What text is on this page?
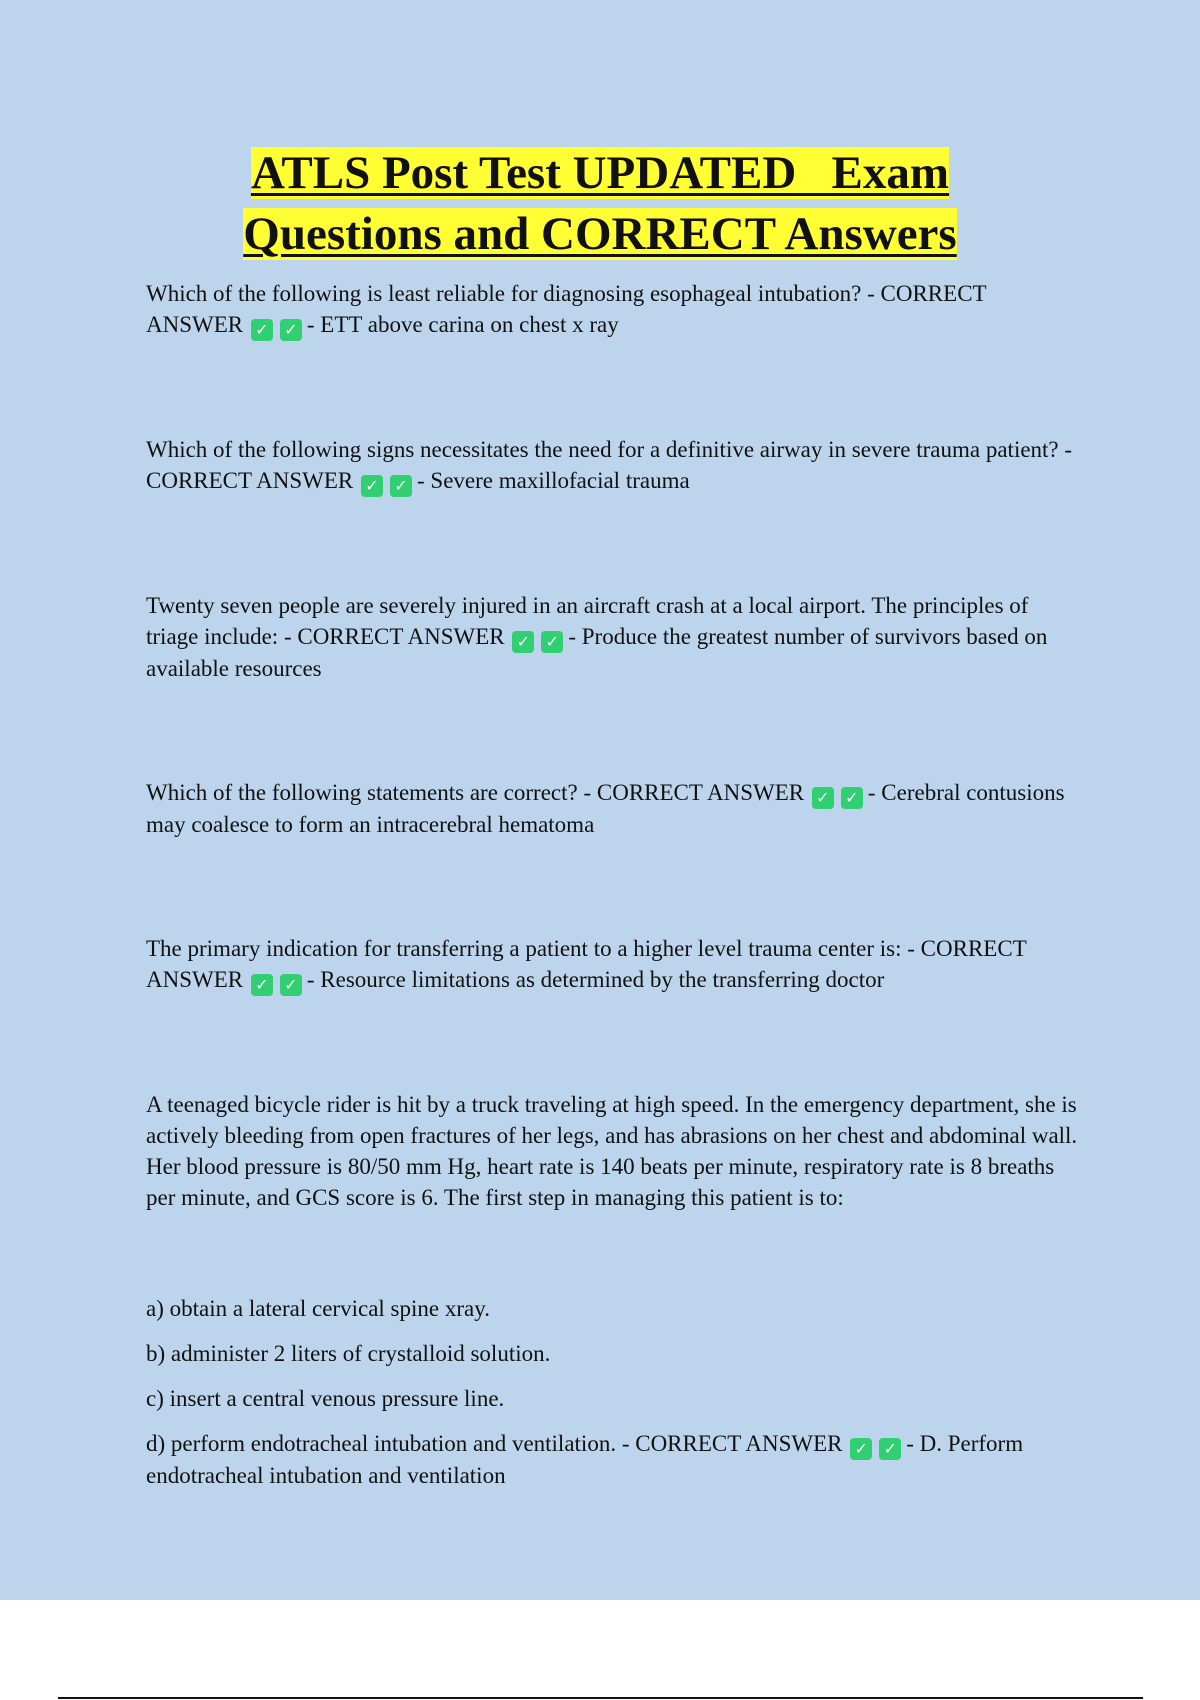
ATLS Post Test UPDATED   Exam
Questions and CORRECT Answers

Which of the following is least reliable for diagnosing esophageal intubation? - CORRECT ANSWER ✓ ✓ - ETT above carina on chest x ray

Which of the following signs necessitates the need for a definitive airway in severe trauma patient? - CORRECT ANSWER ✓ ✓ - Severe maxillofacial trauma

Twenty seven people are severely injured in an aircraft crash at a local airport. The principles of triage include: - CORRECT ANSWER ✓ ✓ - Produce the greatest number of survivors based on available resources

Which of the following statements are correct? - CORRECT ANSWER ✓ ✓ - Cerebral contusions may coalesce to form an intracerebral hematoma

The primary indication for transferring a patient to a higher level trauma center is: - CORRECT ANSWER ✓ ✓ - Resource limitations as determined by the transferring doctor

A teenaged bicycle rider is hit by a truck traveling at high speed. In the emergency department, she is actively bleeding from open fractures of her legs, and has abrasions on her chest and abdominal wall. Her blood pressure is 80/50 mm Hg, heart rate is 140 beats per minute, respiratory rate is 8 breaths per minute, and GCS score is 6. The first step in managing this patient is to:

a) obtain a lateral cervical spine xray.

b) administer 2 liters of crystalloid solution.

c) insert a central venous pressure line.

d) perform endotracheal intubation and ventilation. - CORRECT ANSWER ✓ ✓ - D. Perform endotracheal intubation and ventilation
